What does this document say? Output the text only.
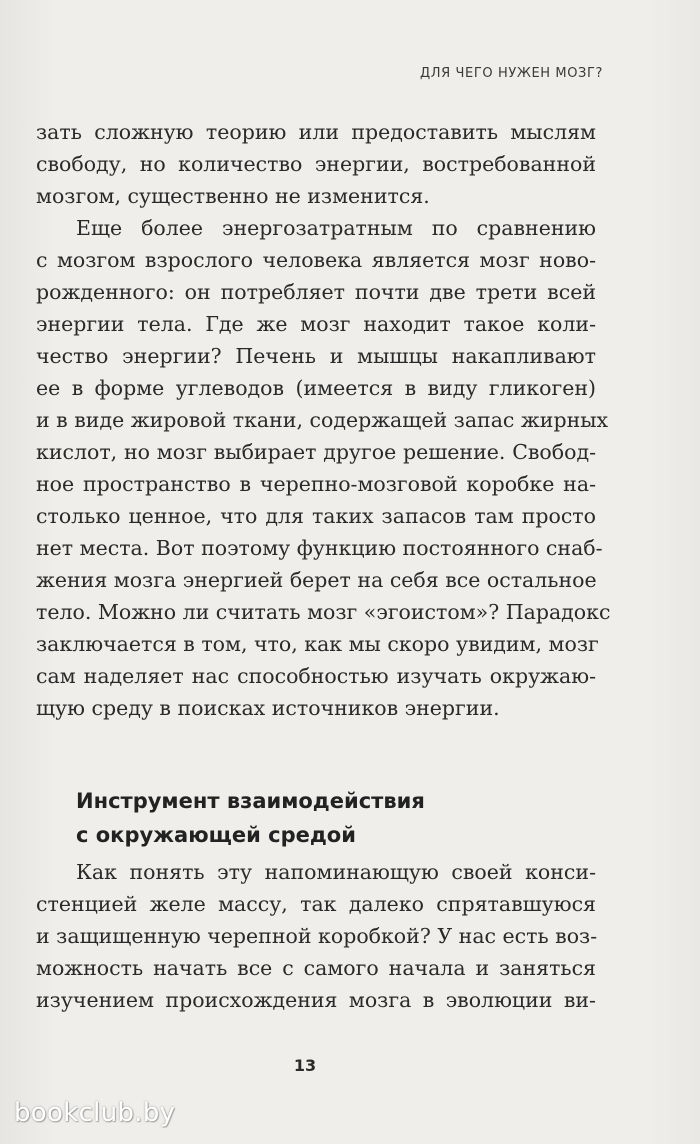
ДЛЯ ЧЕГО НУЖЕН МОЗГ?
зать сложную теорию или предоставить мыслям
свободу, но количество энергии, востребованной
мозгом, существенно не изменится.
Еще более энергозатратным по сравнению
с мозгом взрослого человека является мозг ново-
рожденного: он потребляет почти две трети всей
энергии тела. Где же мозг находит такое коли-
чество энергии? Печень и мышцы накапливают
ее в форме углеводов (имеется в виду гликоген)
и в виде жировой ткани, содержащей запас жирных
кислот, но мозг выбирает другое решение. Свобод-
ное пространство в черепно-мозговой коробке на-
столько ценное, что для таких запасов там просто
нет места. Вот поэтому функцию постоянного снаб-
жения мозга энергией берет на себя все остальное
тело. Можно ли считать мозг «эгоистом»? Парадокс
заключается в том, что, как мы скоро увидим, мозг
сам наделяет нас способностью изучать окружаю-
щую среду в поисках источников энергии.
Инструмент взаимодействия
с окружающей средой
Как понять эту напоминающую своей конси-
стенцией желе массу, так далеко спрятавшуюся
и защищенную черепной коробкой? У нас есть воз-
можность начать все с самого начала и заняться
изучением происхождения мозга в эволюции ви-
13
bookclub.by
